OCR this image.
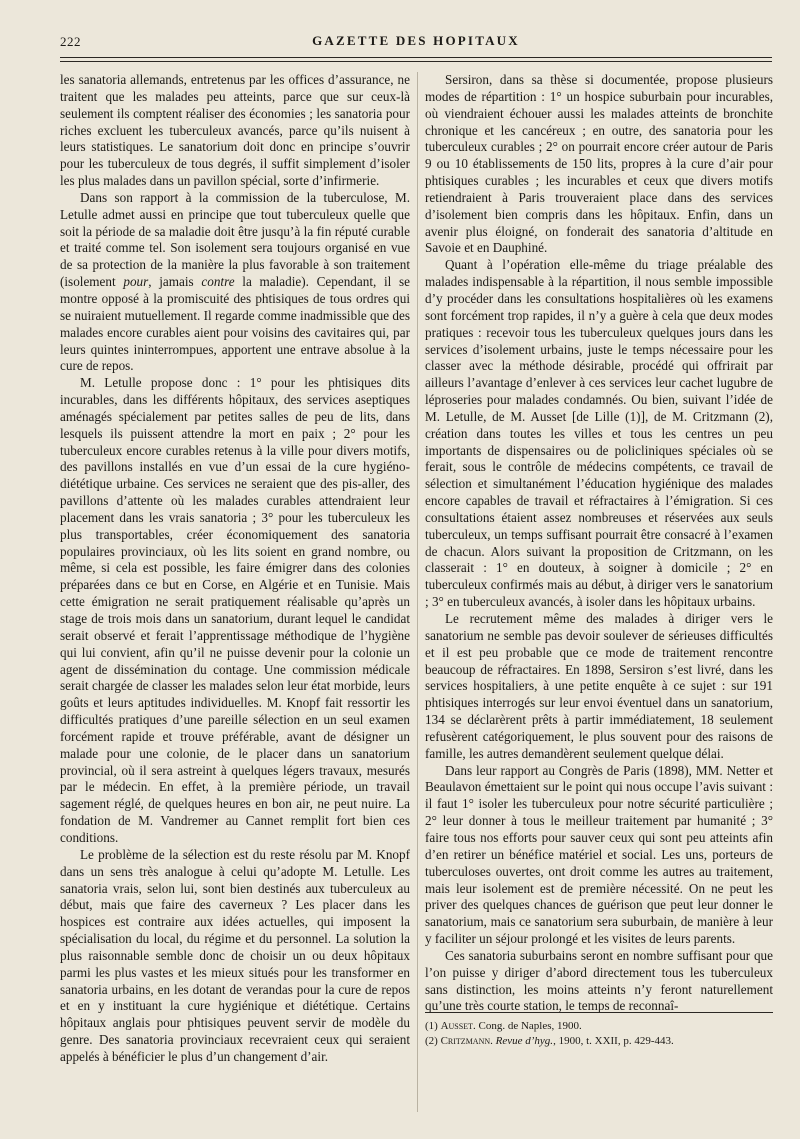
222	GAZETTE DES HOPITAUX

les sanatoria allemands, entretenus par les offices d’assurance, ne traitent que les malades peu atteints, parce que sur ceux-là seulement ils comptent réaliser des économies ; les sanatoria pour riches excluent les tuberculeux avancés, parce qu’ils nuisent à leurs statistiques. Le sanatorium doit donc en principe s’ouvrir pour les tuberculeux de tous degrés, il suffit simplement d’isoler les plus malades dans un pavillon spécial, sorte d’infirmerie.

Dans son rapport à la commission de la tuberculose, M. Letulle admet aussi en principe que tout tuberculeux quelle que soit la période de sa maladie doit être jusqu’à la fin réputé curable et traité comme tel. Son isolement sera toujours organisé en vue de sa protection de la manière la plus favorable à son traitement (isolement pour, jamais contre la maladie). Cependant, il se montre opposé à la promiscuité des phtisiques de tous ordres qui se nuiraient mutuellement. Il regarde comme inadmissible que des malades encore curables aient pour voisins des cavitaires qui, par leurs quintes ininterrompues, apportent une entrave absolue à la cure de repos.

M. Letulle propose donc : 1° pour les phtisiques dits incurables, dans les différents hôpitaux, des services aseptiques aménagés spécialement par petites salles de peu de lits, dans lesquels ils puissent attendre la mort en paix ; 2° pour les tuberculeux encore curables retenus à la ville pour divers motifs, des pavillons installés en vue d’un essai de la cure hygiéno-diététique urbaine. Ces services ne seraient que des pis-aller, des pavillons d’attente où les malades curables attendraient leur placement dans les vrais sanatoria ; 3° pour les tuberculeux les plus transportables, créer économiquement des sanatoria populaires provinciaux, où les lits soient en grand nombre, ou même, si cela est possible, les faire émigrer dans des colonies préparées dans ce but en Corse, en Algérie et en Tunisie. Mais cette émigration ne serait pratiquement réalisable qu’après un stage de trois mois dans un sanatorium, durant lequel le candidat serait observé et ferait l’apprentissage méthodique de l’hygiène qui lui convient, afin qu’il ne puisse devenir pour la colonie un agent de dissémination du contage. Une commission médicale serait chargée de classer les malades selon leur état morbide, leurs goûts et leurs aptitudes individuelles. M. Knopf fait ressortir les difficultés pratiques d’une pareille sélection en un seul examen forcément rapide et trouve préférable, avant de désigner un malade pour une colonie, de le placer dans un sanatorium provincial, où il sera astreint à quelques légers travaux, mesurés par le médecin. En effet, à la première période, un travail sagement réglé, de quelques heures en bon air, ne peut nuire. La fondation de M. Vandremer au Cannet remplit fort bien ces conditions.

Le problème de la sélection est du reste résolu par M. Knopf dans un sens très analogue à celui qu’adopte M. Letulle. Les sanatoria vrais, selon lui, sont bien destinés aux tuberculeux au début, mais que faire des caverneux ? Les placer dans les hospices est contraire aux idées actuelles, qui imposent la spécialisation du local, du régime et du personnel. La solution la plus raisonnable semble donc de choisir un ou deux hôpitaux parmi les plus vastes et les mieux situés pour les transformer en sanatoria urbains, en les dotant de verandas pour la cure de repos et en y instituant la cure hygiénique et diététique. Certains hôpitaux anglais pour phtisiques peuvent servir de modèle du genre. Des sanatoria provinciaux recevraient ceux qui seraient appelés à bénéficier le plus d’un changement d’air.

Sersiron, dans sa thèse si documentée, propose plusieurs modes de répartition : 1° un hospice suburbain pour incurables, où viendraient échouer aussi les malades atteints de bronchite chronique et les cancéreux ; en outre, des sanatoria pour les tuberculeux curables ; 2° on pourrait encore créer autour de Paris 9 ou 10 établissements de 150 lits, propres à la cure d’air pour phtisiques curables ; les incurables et ceux que divers motifs retiendraient à Paris trouveraient place dans des services d’isolement bien compris dans les hôpitaux. Enfin, dans un avenir plus éloigné, on fonderait des sanatoria d’altitude en Savoie et en Dauphiné.

Quant à l’opération elle-même du triage préalable des malades indispensable à la répartition, il nous semble impossible d’y procéder dans les consultations hospitalières où les examens sont forcément trop rapides, il n’y a guère à cela que deux modes pratiques : recevoir tous les tuberculeux quelques jours dans les services d’isolement urbains, juste le temps nécessaire pour les classer avec la méthode désirable, procédé qui offrirait par ailleurs l’avantage d’enlever à ces services leur cachet lugubre de léproseries pour malades condamnés. Ou bien, suivant l’idée de M. Letulle, de M. Ausset [de Lille (1)], de M. Critzmann (2), création dans toutes les villes et tous les centres un peu importants de dispensaires ou de policliniques spéciales où se ferait, sous le contrôle de médecins compétents, ce travail de sélection et simultanément l’éducation hygiénique des malades encore capables de travail et réfractaires à l’émigration. Si ces consultations étaient assez nombreuses et réservées aux seuls tuberculeux, un temps suffisant pourrait être consacré à l’examen de chacun. Alors suivant la proposition de Critzmann, on les classerait : 1° en douteux, à soigner à domicile ; 2° en tuberculeux confirmés mais au début, à diriger vers le sanatorium ; 3° en tuberculeux avancés, à isoler dans les hôpitaux urbains.

Le recrutement même des malades à diriger vers le sanatorium ne semble pas devoir soulever de sérieuses difficultés et il est peu probable que ce mode de traitement rencontre beaucoup de réfractaires. En 1898, Sersiron s’est livré, dans les services hospitaliers, à une petite enquête à ce sujet : sur 191 phtisiques interrogés sur leur envoi éventuel dans un sanatorium, 134 se déclarèrent prêts à partir immédiatement, 18 seulement refusèrent catégoriquement, le plus souvent pour des raisons de famille, les autres demandèrent seulement quelque délai.

Dans leur rapport au Congrès de Paris (1898), MM. Netter et Beaulavon émettaient sur le point qui nous occupe l’avis suivant : il faut 1° isoler les tuberculeux pour notre sécurité particulière ; 2° leur donner à tous le meilleur traitement par humanité ; 3° faire tous nos efforts pour sauver ceux qui sont peu atteints afin d’en retirer un bénéfice matériel et social. Les uns, porteurs de tuberculoses ouvertes, ont droit comme les autres au traitement, mais leur isolement est de première nécessité. On ne peut les priver des quelques chances de guérison que peut leur donner le sanatorium, mais ce sanatorium sera suburbain, de manière à leur y faciliter un séjour prolongé et les visites de leurs parents.

Ces sanatoria suburbains seront en nombre suffisant pour que l’on puisse y diriger d’abord directement tous les tuberculeux sans distinction, les moins atteints n’y feront naturellement qu’une très courte station, le temps de reconnaî-

(1) Ausset. Cong. de Naples, 1900.

(2) Critzmann. Revue d’hyg., 1900, t. XXII, p. 429-443.
